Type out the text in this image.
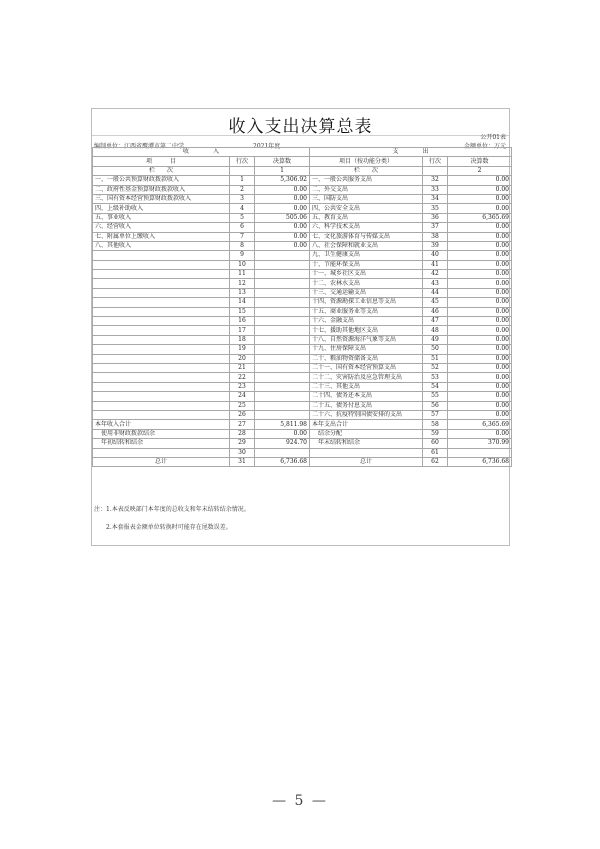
收入支出决算总表
公开01表
编制单位：江西省鹰潭市第二中学	2021年度	金额单位：万元
收　　　　入			支　　　　出		
项　　　目	行次	决算数	项目（按功能分类）	行次	决算数
栏　　次		1	栏　　次		2
一、一般公共预算财政拨款收入	1	5,306.92	一、一般公共服务支出	32	0.00
二、政府性基金预算财政拨款收入	2	0.00	二、外交支出	33	0.00
三、国有资本经营预算财政拨款收入	3	0.00	三、国防支出	34	0.00
四、上级补助收入	4	0.00	四、公共安全支出	35	0.00
五、事业收入	5	505.06	五、教育支出	36	6,365.69
六、经营收入	6	0.00	六、科学技术支出	37	0.00
七、附属单位上缴收入	7	0.00	七、文化旅游体育与传媒支出	38	0.00
八、其他收入	8	0.00	八、社会保障和就业支出	39	0.00
	9		九、卫生健康支出	40	0.00
	10		十、节能环保支出	41	0.00
	11		十一、城乡社区支出	42	0.00
	12		十二、农林水支出	43	0.00
	13		十三、交通运输支出	44	0.00
	14		十四、资源勘探工业信息等支出	45	0.00
	15		十五、商业服务业等支出	46	0.00
	16		十六、金融支出	47	0.00
	17		十七、援助其他地区支出	48	0.00
	18		十八、自然资源海洋气象等支出	49	0.00
	19		十九、住房保障支出	50	0.00
	20		二十、粮油物资储备支出	51	0.00
	21		二十一、国有资本经营预算支出	52	0.00
	22		二十二、灾害防治及应急管理支出	53	0.00
	23		二十三、其他支出	54	0.00
	24		二十四、债务还本支出	55	0.00
	25		二十五、债务付息支出	56	0.00
	26		二十六、抗疫特别国债安排的支出	57	0.00
本年收入合计	27	5,811.98	本年支出合计	58	6,365.69
　使用非财政拨款结余	28	0.00	　结余分配	59	0.00
　年初结转和结余	29	924.70	　年末结转和结余	60	370.99
	30			61	
总计	31	6,736.68	总计	62	6,736.68
注：1.本表反映部门本年度的总收支和年末结转结余情况。
2.本套报表金额单位转换时可能存在尾数误差。
— 5 —
